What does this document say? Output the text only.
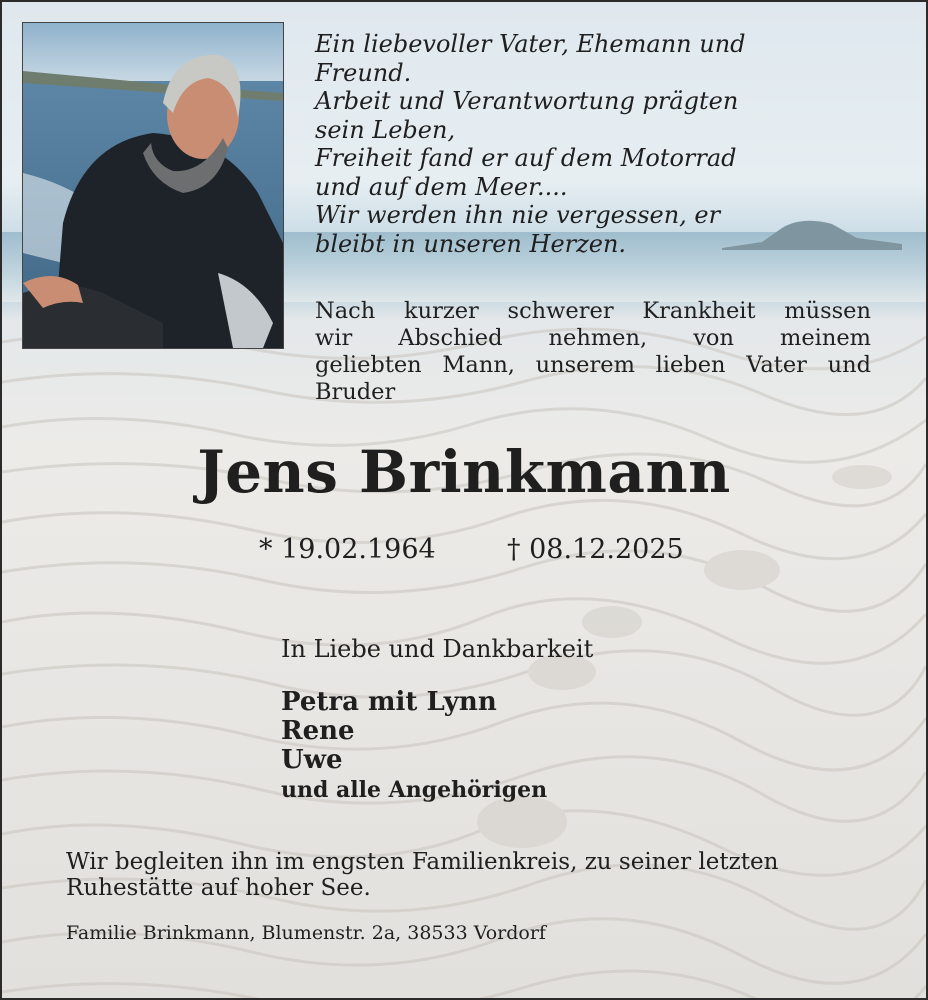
Ein liebevoller Vater, Ehemann und
Freund.
Arbeit und Verantwortung prägten
sein Leben,
Freiheit fand er auf dem Motorrad
und auf dem Meer....
Wir werden ihn nie vergessen, er
bleibt in unseren Herzen.
Nach kurzer schwerer Krankheit müssen
wir Abschied nehmen, von meinem
geliebten Mann, unserem lieben Vater und
Bruder
Jens Brinkmann
* 19.02.1964	† 08.12.2025
In Liebe und Dankbarkeit
Petra mit Lynn
Rene
Uwe
und alle Angehörigen
Wir begleiten ihn im engsten Familienkreis, zu seiner letzten
Ruhestätte auf hoher See.
Familie Brinkmann, Blumenstr. 2a, 38533 Vordorf
